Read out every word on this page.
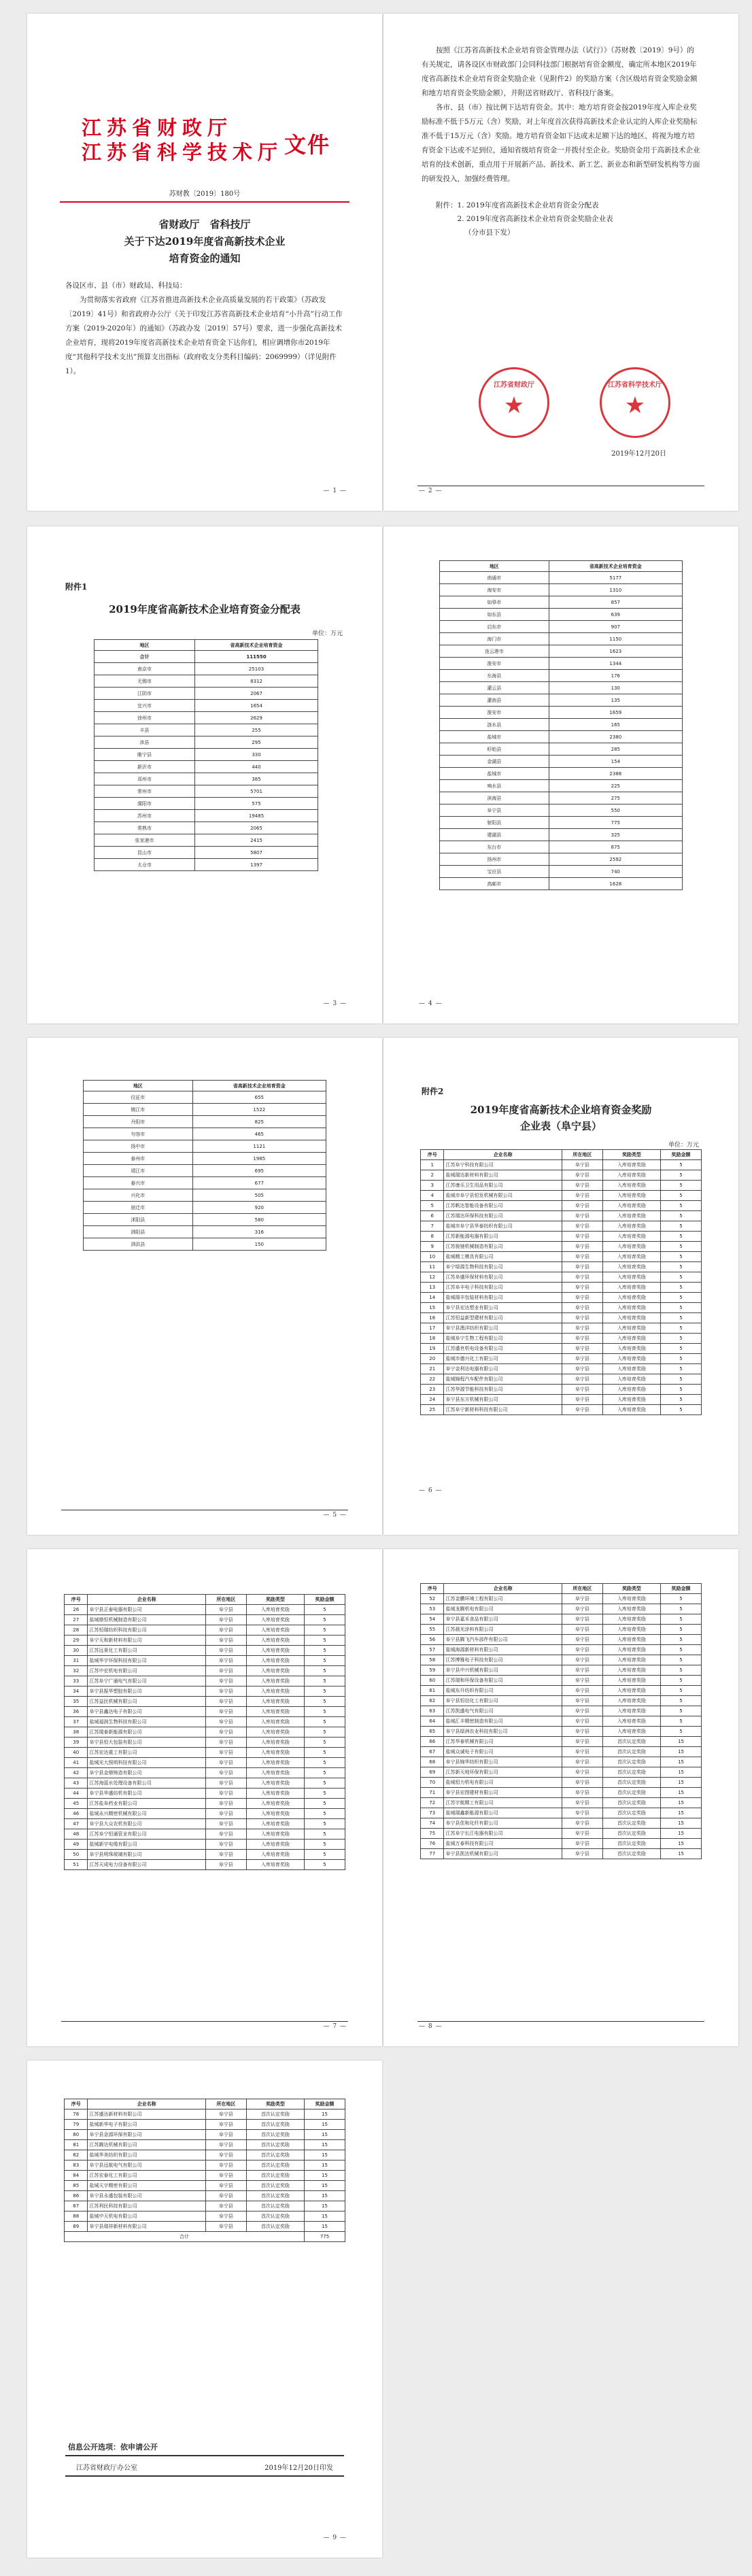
江苏省财政厅
江苏省科学技术厅 文件
苏财教〔2019〕180号
省财政厅　省科技厅
关于下达2019年度省高新技术企业
培育资金的通知

各设区市、县（市）财政局、科技局：

为贯彻落实省政府《江苏省推进高新技术企业高质量发展的若干政策》（苏政发〔2019〕41号）和省政府办公厅《关于印发江苏省高新技术企业培育“小升高”行动工作方案（2019-2020年）的通知》（苏政办发〔2019〕57号）要求，进一步强化高新技术企业培育，现将2019年度省高新技术企业培育资金下达你们，相应调增你市2019年度“其他科学技术支出”预算支出指标（政府收支分类科目编码：2069999）（详见附件1）。

— 1 —

按照《江苏省高新技术企业培育资金管理办法（试行）》（苏财教〔2019〕9号）的有关规定，请各设区市财政部门会同科技部门根据培育资金额度，确定所本地区2019年度省高新技术企业培育资金奖励企业（见附件2）的奖励方案（含区级培育资金奖励金额和地方培育资金奖励金额），并附送省财政厅、省科技厅备案。

各市、县（市）按比例下达培育资金。其中：地方培育资金按2019年度入库企业奖励标准不低于5万元（含）奖励，对上年度首次获得高新技术企业认定的入库企业奖励标准不低于15万元（含）奖励。地方培育资金如下达或未足额下达的地区，将视为地方培育资金下达或不足到位，通知省级培育资金一并拨付至企业。奖励资金用于高新技术企业培育的技术创新，重点用于开展新产品、新技术、新工艺、新业态和新型研发机构等方面的研发投入，加强经费管理。

附件：1. 2019年度省高新技术企业培育资金分配表
2. 2019年度省高新技术企业培育资金奖励企业表
（分市县下发）
江苏省财政厅
★
江苏省科学技术厅
★
2019年12月20日
— 2 —
附件1
2019年度省高新技术企业培育资金分配表
单位：万元
地区	省高新技术企业培育资金
合计	111550
南京市	25103
无锡市	8312
江阴市	2067
宜兴市	1654
徐州市	2629
丰县	255
沛县	295
睢宁县	330
新沂市	440
邳州市	385
常州市	5701
溧阳市	575
苏州市	19485
常熟市	2065
张家港市	2415
昆山市	5807
太仓市	1397
— 3 —
地区	省高新技术企业培育资金
南通市	5177
海安市	1310
如皋市	857
如东县	639
启东市	907
海门市	1150
连云港市	1623
淮安市	1344
东海县	176
灌云县	130
灌南县	135
淮安市	1659
涟水县	165
盐城市	2380
盱眙县	285
金湖县	154
盐城市	2388
响水县	225
滨海县	275
阜宁县	550
射阳县	775
建湖县	325
东台市	875
扬州市	2592
宝应县	740
高邮市	1628
— 4 —
地区	省高新技术企业培育资金
仪征市	655
镇江市	1522
丹阳市	825
句容市	465
扬中市	1121
泰州市	1985
靖江市	695
泰兴市	677
兴化市	505
宿迁市	920
沭阳县	580
泗阳县	316
泗洪县	150
— 5 —
附件2
2019年度省高新技术企业培育资金奖励
企业表（阜宁县）
单位：万元
序号	企业名称	所在地区	奖励类型	奖励金额
1	江苏阜宁科技有限公司	阜宁县	入库培育奖励	5
2	盐城瑞达新材料有限公司	阜宁县	入库培育奖励	5
3	江苏康乐卫生用品有限公司	阜宁县	入库培育奖励	5
4	盐城市阜宁县恒发机械有限公司	阜宁县	入库培育奖励	5
5	江苏帆达智能设备有限公司	阜宁县	入库培育奖励	5
6	江苏瑞达环保科技有限公司	阜宁县	入库培育奖励	5
7	盐城市阜宁县华泰纺织有限公司	阜宁县	入库培育奖励	5
8	江苏新能源电器有限公司	阜宁县	入库培育奖励	5
9	江苏骏驰机械制造有限公司	阜宁县	入库培育奖励	5
10	盐城精工模具有限公司	阜宁县	入库培育奖励	5
11	阜宁绿源生物科技有限公司	阜宁县	入库培育奖励	5
12	江苏阜盛环保材料有限公司	阜宁县	入库培育奖励	5
13	江苏阜丰电子科技有限公司	阜宁县	入库培育奖励	5
14	盐城瑞丰包装材料有限公司	阜宁县	入库培育奖励	5
15	阜宁县宏达塑业有限公司	阜宁县	入库培育奖励	5
16	江苏恒益新型建材有限公司	阜宁县	入库培育奖励	5
17	阜宁县澳洋纺织有限公司	阜宁县	入库培育奖励	5
18	盐城阜宁生物工程有限公司	阜宁县	入库培育奖励	5
19	江苏盛世机电设备有限公司	阜宁县	入库培育奖励	5
20	盐城市德兴化工有限公司	阜宁县	入库培育奖励	5
21	阜宁金利达电器有限公司	阜宁县	入库培育奖励	5
22	盐城锦程汽车配件有限公司	阜宁县	入库培育奖励	5
23	江苏华源节能科技有限公司	阜宁县	入库培育奖励	5
24	阜宁县东方机械有限公司	阜宁县	入库培育奖励	5
25	江苏阜宁新材料科技有限公司	阜宁县	入库培育奖励	5
— 6 —
序号	企业名称	所在地区	奖励类型	奖励金额
26	阜宁县正泰电器有限公司	阜宁县	入库培育奖励	5
27	盐城鼎恒机械制造有限公司	阜宁县	入库培育奖励	5
28	江苏恒瑞纺织科技有限公司	阜宁县	入库培育奖励	5
29	阜宁天和新材料有限公司	阜宁县	入库培育奖励	5
30	江苏远景化工有限公司	阜宁县	入库培育奖励	5
31	盐城华宇环保科技有限公司	阜宁县	入库培育奖励	5
32	江苏中宏机电有限公司	阜宁县	入库培育奖励	5
33	江苏阜宁广通电气有限公司	阜宁县	入库培育奖励	5
34	阜宁县振华塑胶有限公司	阜宁县	入库培育奖励	5
35	江苏益民机械有限公司	阜宁县	入库培育奖励	5
36	阜宁县鑫达电子有限公司	阜宁县	入库培育奖励	5
37	盐城福润生物科技有限公司	阜宁县	入库培育奖励	5
38	江苏瑞泰新能源有限公司	阜宁县	入库培育奖励	5
39	阜宁县恒大包装有限公司	阜宁县	入库培育奖励	5
40	江苏宏达重工有限公司	阜宁县	入库培育奖励	5
41	盐城光大照明科技有限公司	阜宁县	入库培育奖励	5
42	阜宁县金鼎铸造有限公司	阜宁县	入库培育奖励	5
43	江苏海蓝水处理设备有限公司	阜宁县	入库培育奖励	5
44	阜宁县华盛纺机有限公司	阜宁县	入库培育奖励	5
45	江苏盐阜药业有限公司	阜宁县	入库培育奖励	5
46	盐城永兴精密机械有限公司	阜宁县	入库培育奖励	5
47	阜宁县大众农机有限公司	阜宁县	入库培育奖励	5
48	江苏阜宁恒通管业有限公司	阜宁县	入库培育奖励	5
49	盐城新宇电缆有限公司	阜宁县	入库培育奖励	5
50	阜宁县明珠玻璃有限公司	阜宁县	入库培育奖励	5
51	江苏天成电力设备有限公司	阜宁县	入库培育奖励	5
— 7 —
序号	企业名称	所在地区	奖励类型	奖励金额
52	江苏金鹏环境工程有限公司	阜宁县	入库培育奖励	5
53	盐城龙腾机电有限公司	阜宁县	入库培育奖励	5
54	阜宁县嘉禾食品有限公司	阜宁县	入库培育奖励	5
55	江苏晨光涂料有限公司	阜宁县	入库培育奖励	5
56	阜宁县腾飞汽车部件有限公司	阜宁县	入库培育奖励	5
57	盐城海源新材料有限公司	阜宁县	入库培育奖励	5
58	江苏博雅电子科技有限公司	阜宁县	入库培育奖励	5
59	阜宁县中兴机械有限公司	阜宁县	入库培育奖励	5
60	江苏瑞和环保设备有限公司	阜宁县	入库培育奖励	5
61	盐城东升纺织有限公司	阜宁县	入库培育奖励	5
62	阜宁县恒信化工有限公司	阜宁县	入库培育奖励	5
63	江苏凯盛电气有限公司	阜宁县	入库培育奖励	5
64	盐城汇丰精密制造有限公司	阜宁县	入库培育奖励	5
65	阜宁县绿洲农业科技有限公司	阜宁县	入库培育奖励	5
66	江苏华泰机械有限公司	阜宁县	首次认定奖励	15
67	盐城众诚电子有限公司	阜宁县	首次认定奖励	15
68	阜宁县锦华纺织有限公司	阜宁县	首次认定奖励	15
69	江苏新天地环保有限公司	阜宁县	首次认定奖励	15
70	盐城恒力机电有限公司	阜宁县	首次认定奖励	15
71	阜宁县宏图建材有限公司	阜宁县	首次认定奖励	15
72	江苏宇航精工有限公司	阜宁县	首次认定奖励	15
73	盐城瑞鑫新能源有限公司	阜宁县	首次认定奖励	15
74	阜宁县佳和化纤有限公司	阜宁县	首次认定奖励	15
75	江苏阜宁长江电器有限公司	阜宁县	首次认定奖励	15
76	盐城万泰科技有限公司	阜宁县	首次认定奖励	15
77	阜宁县凯达机械有限公司	阜宁县	首次认定奖励	15
— 8 —
序号	企业名称	所在地区	奖励类型	奖励金额
78	江苏盛达新材料有限公司	阜宁县	首次认定奖励	15
79	盐城新华电子有限公司	阜宁县	首次认定奖励	15
80	阜宁县金源环保有限公司	阜宁县	首次认定奖励	15
81	江苏腾达机械有限公司	阜宁县	首次认定奖励	15
82	盐城华美纺织有限公司	阜宁县	首次认定奖励	15
83	阜宁县远航电气有限公司	阜宁县	首次认定奖励	15
84	江苏宏泰化工有限公司	阜宁县	首次认定奖励	15
85	盐城天宇精密有限公司	阜宁县	首次认定奖励	15
86	阜宁县永盛包装有限公司	阜宁县	首次认定奖励	15
87	江苏利民科技有限公司	阜宁县	首次认定奖励	15
88	盐城中天机电有限公司	阜宁县	首次认定奖励	15
89	阜宁县瑞祥新材料有限公司	阜宁县	首次认定奖励	15
合计				775
信息公开选项：依申请公开
江苏省财政厅办公室	2019年12月20日印发
— 9 —
